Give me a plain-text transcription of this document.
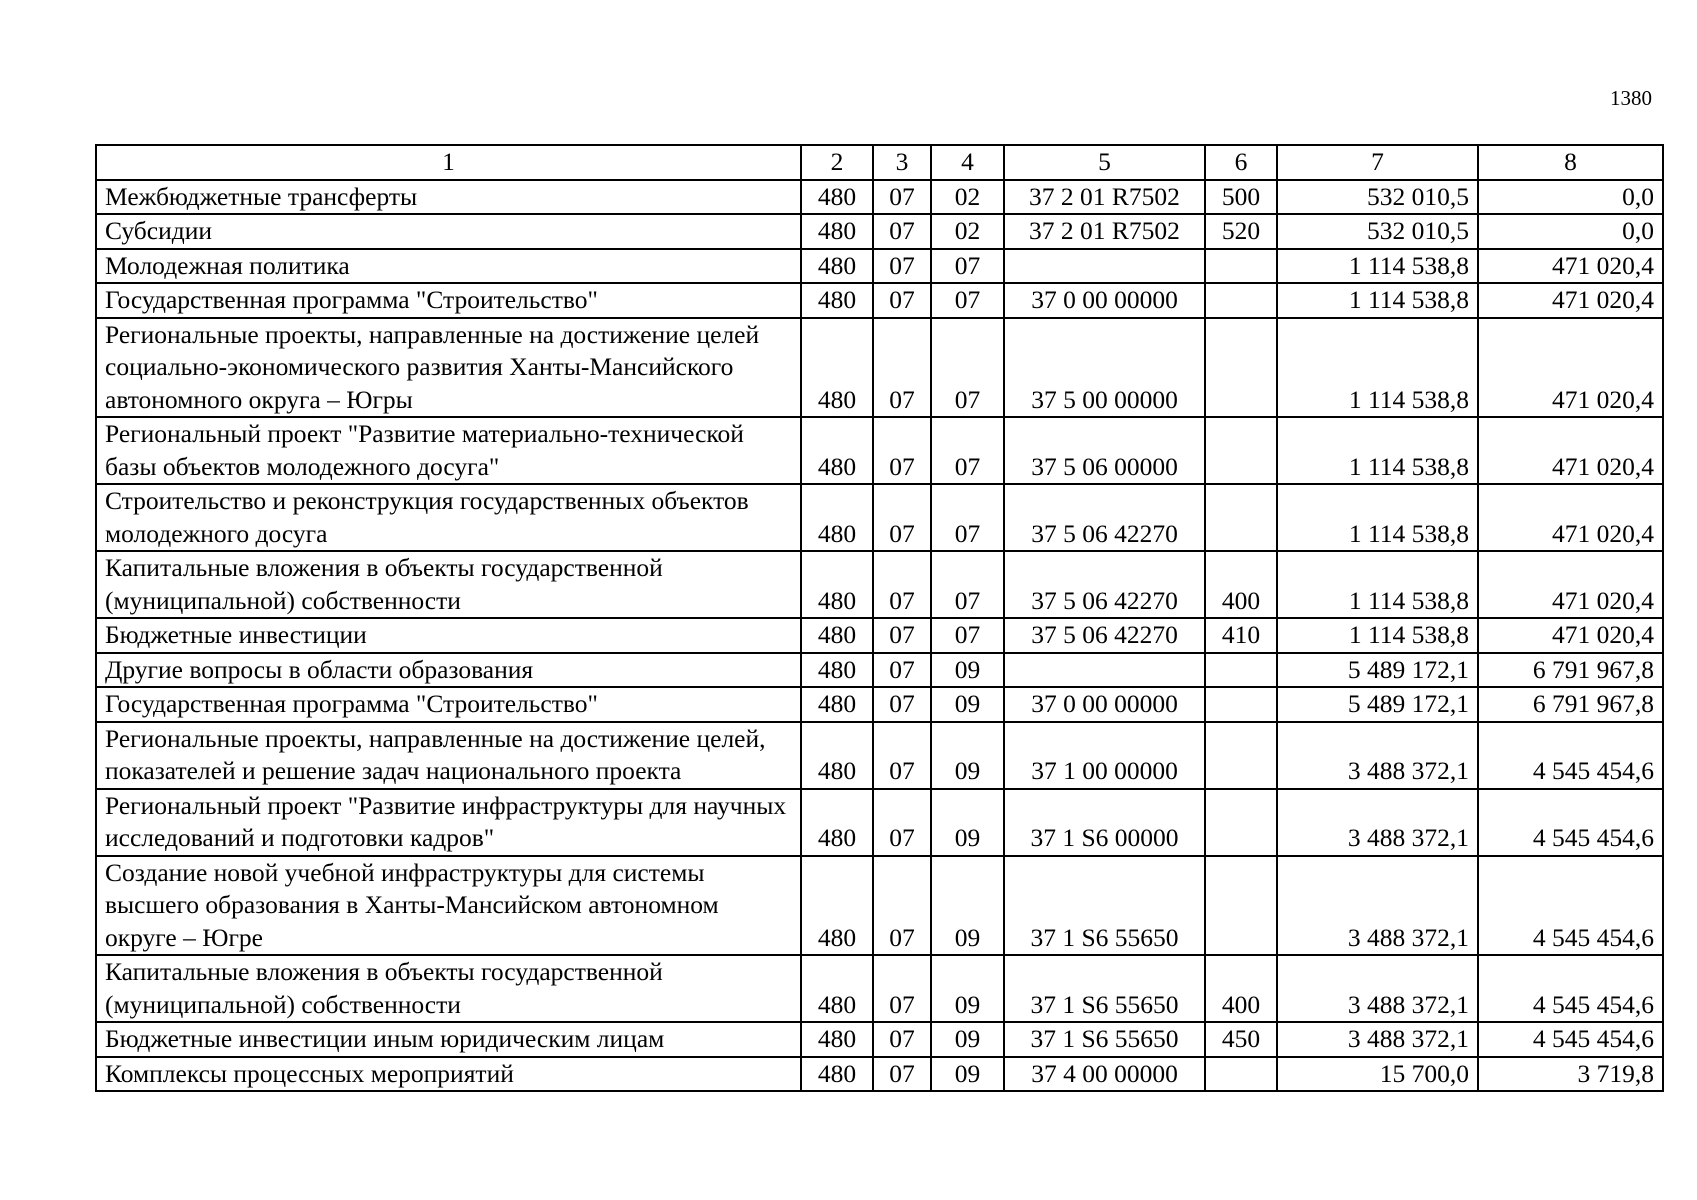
1380
1	2	3	4	5	6	7	8
Межбюджетные трансферты	480	07	02	37 2 01 R7502	500	532 010,5	0,0
Субсидии	480	07	02	37 2 01 R7502	520	532 010,5	0,0
Молодежная политика	480	07	07			1 114 538,8	471 020,4
Государственная программа "Строительство"	480	07	07	37 0 00 00000		1 114 538,8	471 020,4
Региональные проекты, направленные на достижение целей социально-экономического развития Ханты-Мансийского автономного округа – Югры	480	07	07	37 5 00 00000		1 114 538,8	471 020,4
Региональный проект "Развитие материально-технической базы объектов молодежного досуга"	480	07	07	37 5 06 00000		1 114 538,8	471 020,4
Строительство и реконструкция государственных объектов молодежного досуга	480	07	07	37 5 06 42270		1 114 538,8	471 020,4
Капитальные вложения в объекты государственной (муниципальной) собственности	480	07	07	37 5 06 42270	400	1 114 538,8	471 020,4
Бюджетные инвестиции	480	07	07	37 5 06 42270	410	1 114 538,8	471 020,4
Другие вопросы в области образования	480	07	09			5 489 172,1	6 791 967,8
Государственная программа "Строительство"	480	07	09	37 0 00 00000		5 489 172,1	6 791 967,8
Региональные проекты, направленные на достижение целей, показателей и решение задач национального проекта	480	07	09	37 1 00 00000		3 488 372,1	4 545 454,6
Региональный проект "Развитие инфраструктуры для научных исследований и подготовки кадров"	480	07	09	37 1 S6 00000		3 488 372,1	4 545 454,6
Создание новой учебной инфраструктуры для системы высшего образования в Ханты-Мансийском автономном округе – Югре	480	07	09	37 1 S6 55650		3 488 372,1	4 545 454,6
Капитальные вложения в объекты государственной (муниципальной) собственности	480	07	09	37 1 S6 55650	400	3 488 372,1	4 545 454,6
Бюджетные инвестиции иным юридическим лицам	480	07	09	37 1 S6 55650	450	3 488 372,1	4 545 454,6
Комплексы процессных мероприятий	480	07	09	37 4 00 00000		15 700,0	3 719,8
